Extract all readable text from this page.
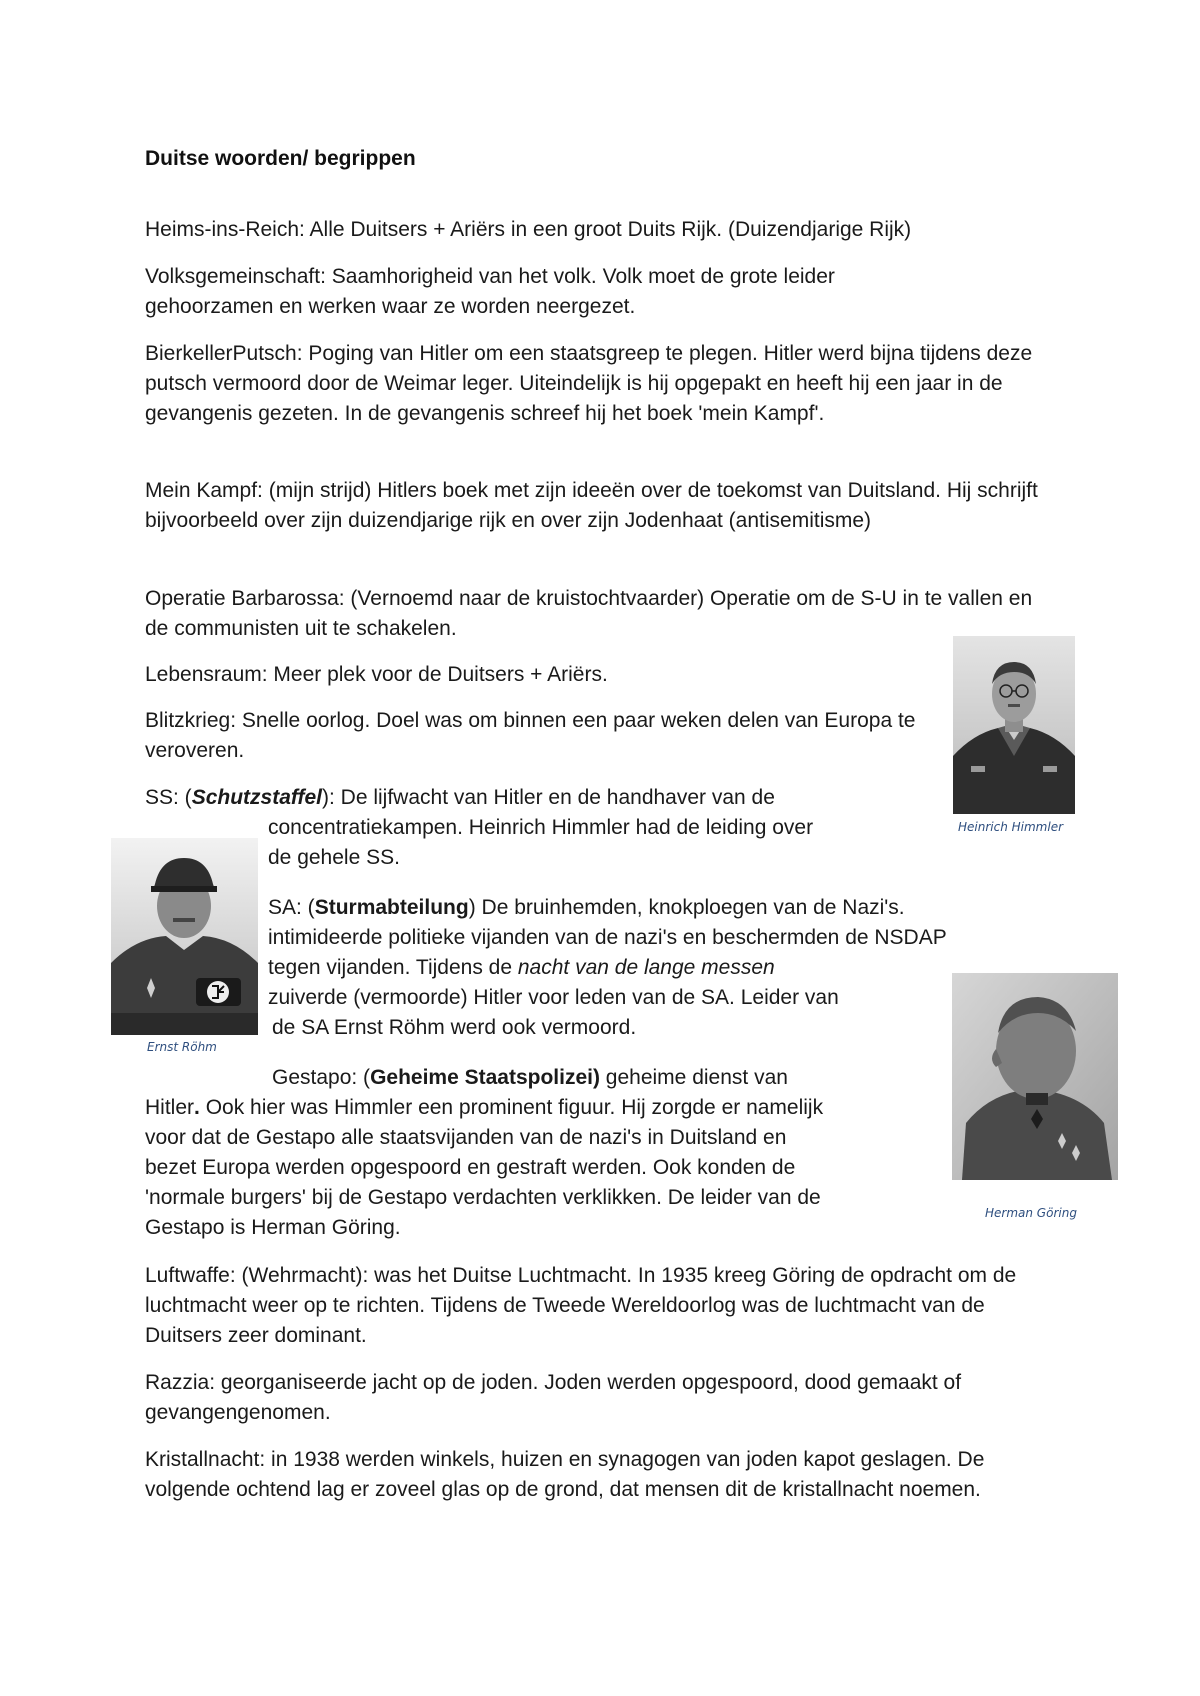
Duitse woorden/ begrippen

Heims-ins-Reich: Alle Duitsers + Ariërs in een groot Duits Rijk. (Duizendjarige Rijk)

Volksgemeinschaft: Saamhorigheid van het volk. Volk moet de grote leider gehoorzamen en werken waar ze worden neergezet.

BierkellerPutsch: Poging van Hitler om een staatsgreep te plegen. Hitler werd bijna tijdens deze putsch vermoord door de Weimar leger. Uiteindelijk is hij opgepakt en heeft hij een jaar in de gevangenis gezeten. In de gevangenis schreef hij het boek 'mein Kampf'.

Mein Kampf: (mijn strijd) Hitlers boek met zijn ideeën over de toekomst van Duitsland. Hij schrijft bijvoorbeeld over zijn duizendjarige rijk en over zijn Jodenhaat (antisemitisme)

Operatie Barbarossa: (Vernoemd naar de kruistochtvaarder) Operatie om de S-U in te vallen en de communisten uit te schakelen.

Lebensraum: Meer plek voor de Duitsers + Ariërs.

Blitzkrieg: Snelle oorlog. Doel was om binnen een paar weken delen van Europa te veroveren.

SS: (Schutzstaffel): De lijfwacht van Hitler en de handhaver van de

concentratiekampen. Heinrich Himmler had de leiding over

de gehele SS.

SA: (Sturmabteilung) De bruinhemden, knokploegen van de Nazi's.

intimideerde politieke vijanden van de nazi's en beschermden de NSDAP

tegen vijanden. Tijdens de nacht van de lange messen

zuiverde (vermoorde) Hitler voor leden van de SA. Leider van

de SA Ernst Röhm werd ook vermoord.

Gestapo: (Geheime Staatspolizei) geheime dienst van

Hitler. Ook hier was Himmler een prominent figuur. Hij zorgde er namelijk

voor dat de Gestapo alle staatsvijanden van de nazi's in Duitsland en

bezet Europa werden opgespoord en gestraft werden. Ook konden de

'normale burgers' bij de Gestapo verdachten verklikken. De leider van de

Gestapo is Herman Göring.

Luftwaffe: (Wehrmacht): was het Duitse Luchtmacht. In 1935 kreeg Göring de opdracht om de luchtmacht weer op te richten. Tijdens de Tweede Wereldoorlog was de luchtmacht van de Duitsers zeer dominant.

Razzia: georganiseerde jacht op de joden. Joden werden opgespoord, dood gemaakt of gevangengenomen.

Kristallnacht: in 1938 werden winkels, huizen en synagogen van joden kapot geslagen. De volgende ochtend lag er zoveel glas op de grond, dat mensen dit de kristallnacht noemen.

Heinrich Himmler

Ernst Röhm

Herman Göring
